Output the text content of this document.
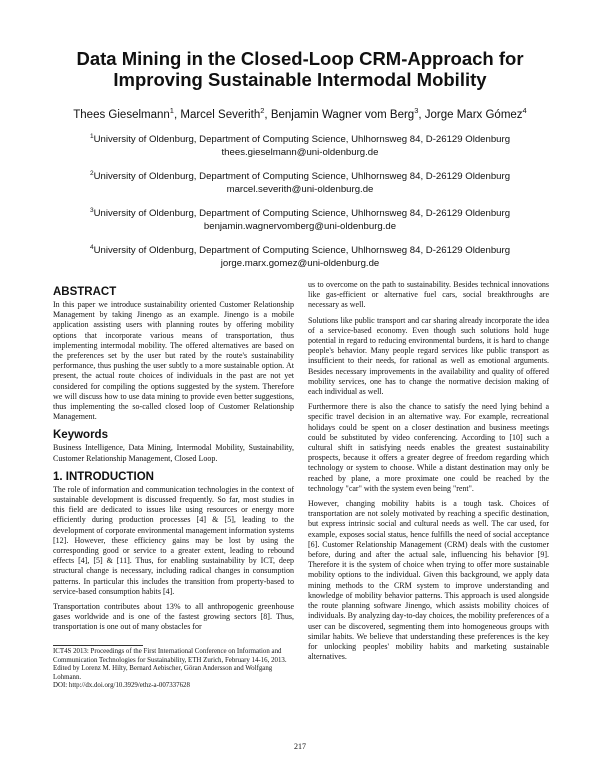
Data Mining in the Closed-Loop CRM-Approach for
Improving Sustainable Intermodal Mobility
Thees Gieselmann$^1$, Marcel Severith$^2$, Benjamin Wagner vom Berg$^3$, Jorge Marx Gómez$^4$
$^1$University of Oldenburg, Department of Computing Science, Uhlhornsweg 84, D-26129 Oldenburg
thees.gieselmann@uni-oldenburg.de
$^2$University of Oldenburg, Department of Computing Science, Uhlhornsweg 84, D-26129 Oldenburg
marcel.severith@uni-oldenburg.de
$^3$University of Oldenburg, Department of Computing Science, Uhlhornsweg 84, D-26129 Oldenburg
benjamin.wagnervomberg@uni-oldenburg.de
$^4$University of Oldenburg, Department of Computing Science, Uhlhornsweg 84, D-26129 Oldenburg
jorge.marx.gomez@uni-oldenburg.de
ABSTRACT

In this paper we introduce sustainability oriented Customer Relationship Management by taking Jinengo as an example. Jinengo is a mobile application assisting users with planning routes by offering mobility options that incorporate various means of transportation, thus implementing intermodal mobility. The offered alternatives are based on the preferences set by the user but rated by the route's sustainability performance, thus pushing the user subtly to a more sustainable option. At present, the actual route choices of individuals in the past are not yet considered for compiling the options suggested by the system. Therefore we will discuss how to use data mining to provide even better suggestions, thus implementing the so-called closed loop of Customer Relationship Management.

Keywords

Business Intelligence, Data Mining, Intermodal Mobility, Sustainability, Customer Relationship Management, Closed Loop.

1. INTRODUCTION

The role of information and communication technologies in the context of sustainable development is discussed frequently. So far, most studies in this field are dedicated to issues like using resources or energy more efficiently during production processes [4] & [5], leading to the development of corporate environmental management information systems [12]. However, these efficiency gains may be lost by using the corresponding good or service to a greater extent, leading to rebound effects [4], [5] & [11]. Thus, for enabling sustainability by ICT, deep structural change is necessary, including radical changes in consumption patterns. In particular this includes the transition from property-based to service-based consumption habits [4].

Transportation contributes about 13% to all anthropogenic greenhouse gases worldwide and is one of the fastest growing sectors [8]. Thus, transportation is one out of many obstacles for

ICT4S 2013: Proceedings of the First International Conference on Information and Communication Technologies for Sustainability, ETH Zurich, February 14-16, 2013. Edited by Lorenz M. Hilty, Bernard Aebischer, Göran Andersson and Wolfgang Lohmann.
DOI: http://dx.doi.org/10.3929/ethz-a-007337628

us to overcome on the path to sustainability. Besides technical innovations like gas-efficient or alternative fuel cars, social breakthroughs are necessary as well.

Solutions like public transport and car sharing already incorporate the idea of a service-based economy. Even though such solutions hold huge potential in regard to reducing environmental burdens, it is hard to change people's behavior. Many people regard services like public transport as insufficient to their needs, for rational as well as emotional arguments. Besides necessary improvements in the availability and quality of offered mobility services, one has to change the normative decision making of each individual as well.

Furthermore there is also the chance to satisfy the need lying behind a specific travel decision in an alternative way. For example, recreational holidays could be spent on a closer destination and business meetings could be substituted by video conferencing. According to [10] such a cultural shift in satisfying needs enables the greatest sustainability prospects, because it offers a greater degree of freedom regarding which technology or system to choose. While a distant destination may only be reached by plane, a more proximate one could be reached by the technology "car" with the system even being "rent".

However, changing mobility habits is a tough task. Choices of transportation are not solely motivated by reaching a specific destination, but express intrinsic social and cultural needs as well. The car used, for example, exposes social status, hence fulfills the need of social acceptance [6]. Customer Relationship Management (CRM) deals with the customer before, during and after the actual sale, influencing his behavior [9]. Therefore it is the system of choice when trying to offer more sustainable mobility options to the individual. Given this background, we apply data mining methods to the CRM system to improve understanding and knowledge of mobility behavior patterns. This approach is used alongside the route planning software Jinengo, which assists mobility choices of individuals. By analyzing day-to-day choices, the mobility preferences of a user can be discovered, segmenting them into homogeneous groups with similar habits. We believe that understanding these preferences is the key for unlocking peoples' mobility habits and marketing sustainable alternatives.

217
